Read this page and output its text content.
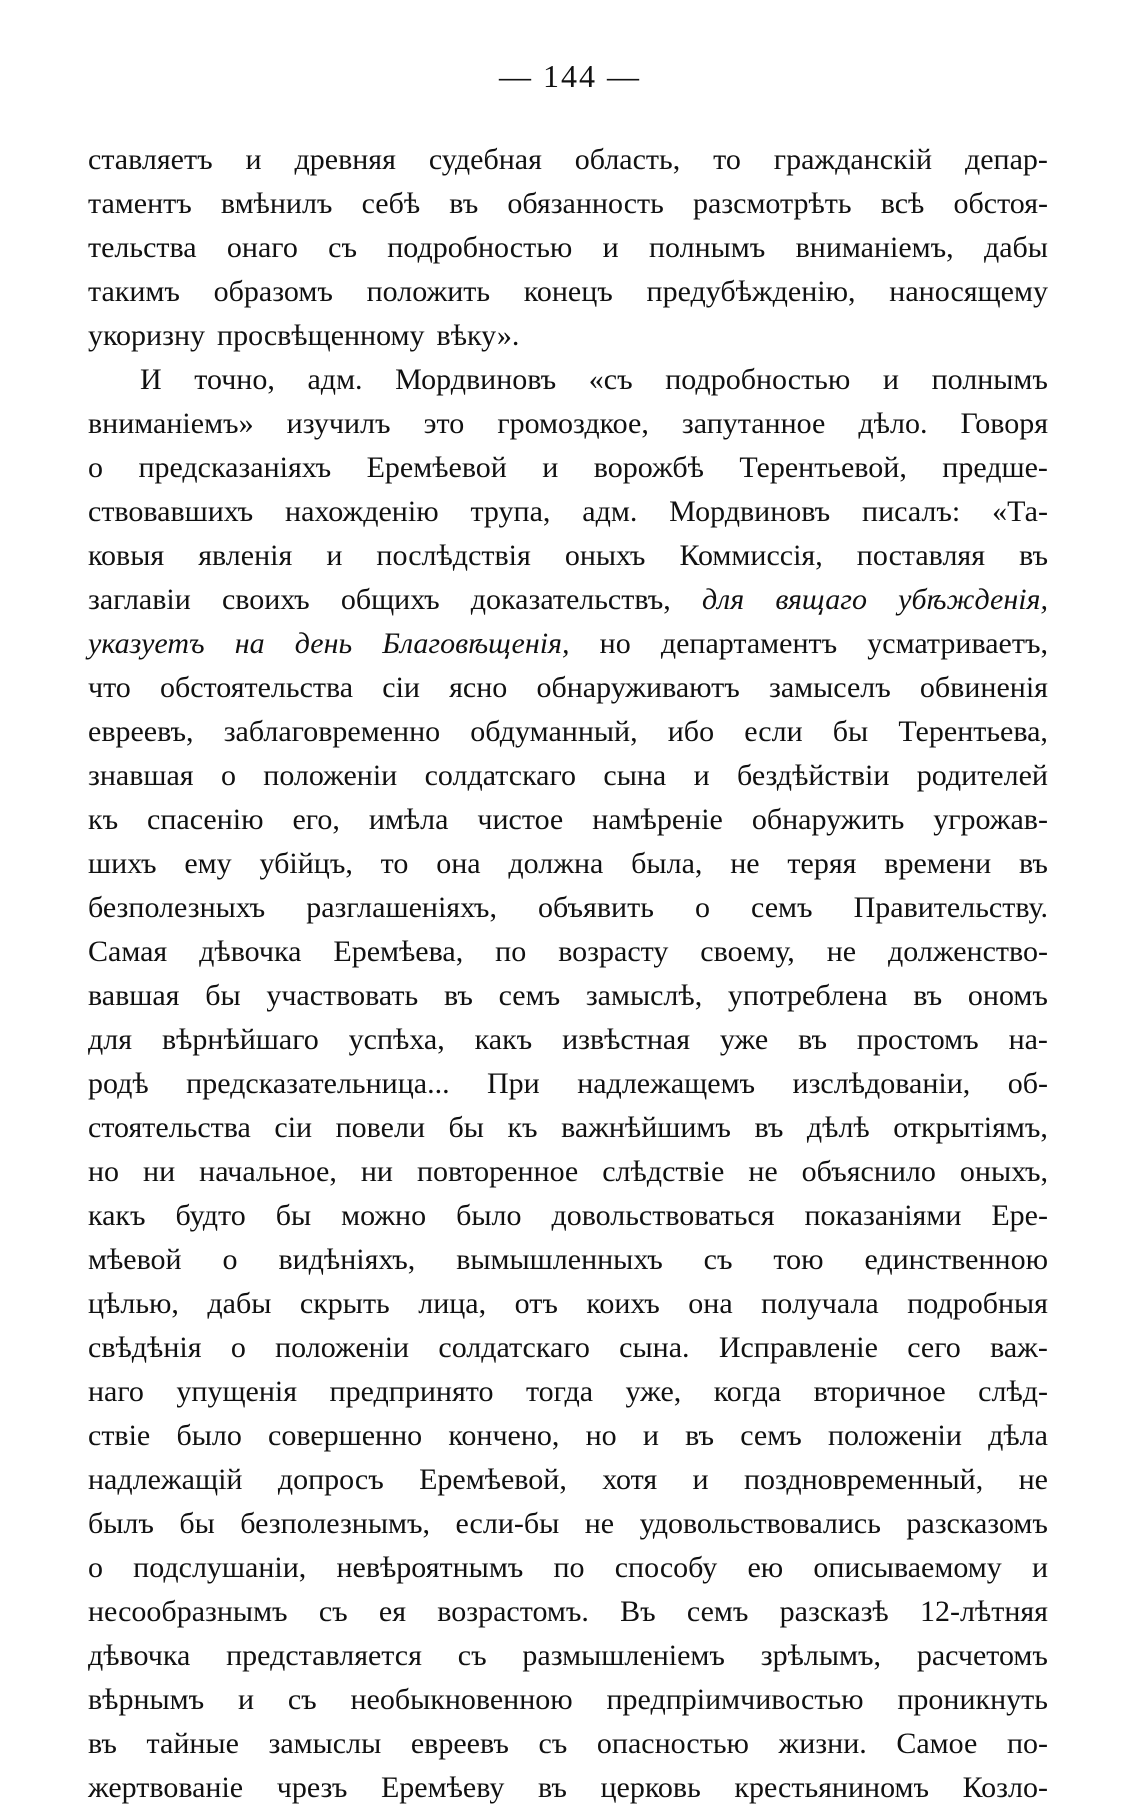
— 144 —
ставляетъ и древняя судебная область, то гражданскій депар-
таментъ вмѣнилъ себѣ въ обязанность разсмотрѣть всѣ обстоя-
тельства онаго съ подробностью и полнымъ вниманіемъ, дабы
такимъ образомъ положить конецъ предубѣжденію, наносящему
укоризну просвѣщенному вѣку».
И точно, адм. Мордвиновъ «съ подробностью и полнымъ
вниманіемъ» изучилъ это громоздкое, запутанное дѣло. Говоря
о предсказаніяхъ Еремѣевой и ворожбѣ Терентьевой, предше-
ствовавшихъ нахожденію трупа, адм. Мордвиновъ писалъ: «Та-
ковыя явленія и послѣдствія оныхъ Коммиссія, поставляя въ
заглавіи своихъ общихъ доказательствъ, для вящаго убѣжденія,
указуетъ на день Благовѣщенія, но департаментъ усматриваетъ,
что обстоятельства сіи ясно обнаруживаютъ замыселъ обвиненія
евреевъ, заблаговременно обдуманный, ибо если бы Терентьева,
знавшая о положеніи солдатскаго сына и бездѣйствіи родителей
къ спасенію его, имѣла чистое намѣреніе обнаружить угрожав-
шихъ ему убійцъ, то она должна была, не теряя времени въ
безполезныхъ разглашеніяхъ, объявить о семъ Правительству.
Самая дѣвочка Еремѣева, по возрасту своему, не долженство-
вавшая бы участвовать въ семъ замыслѣ, употреблена въ ономъ
для вѣрнѣйшаго успѣха, какъ извѣстная уже въ простомъ на-
родѣ предсказательница... При надлежащемъ изслѣдованіи, об-
стоятельства сіи повели бы къ важнѣйшимъ въ дѣлѣ открытіямъ,
но ни начальное, ни повторенное слѣдствіе не объяснило оныхъ,
какъ будто бы можно было довольствоваться показаніями Ере-
мѣевой о видѣніяхъ, вымышленныхъ съ тою единственною
цѣлью, дабы скрыть лица, отъ коихъ она получала подробныя
свѣдѣнія о положеніи солдатскаго сына. Исправленіе сего важ-
наго упущенія предпринято тогда уже, когда вторичное слѣд-
ствіе было совершенно кончено, но и въ семъ положеніи дѣла
надлежащій допросъ Еремѣевой, хотя и поздновременный, не
былъ бы безполезнымъ, если-бы не удовольствовались разсказомъ
о подслушаніи, невѣроятнымъ по способу ею описываемому и
несообразнымъ съ ея возрастомъ. Въ семъ разсказѣ 12-лѣтняя
дѣвочка представляется съ размышленіемъ зрѣлымъ, расчетомъ
вѣрнымъ и съ необыкновенною предпріимчивостью проникнуть
въ тайные замыслы евреевъ съ опасностью жизни. Самое по-
жертвованіе чрезъ Еремѣеву въ церковь крестьяниномъ Козло-
